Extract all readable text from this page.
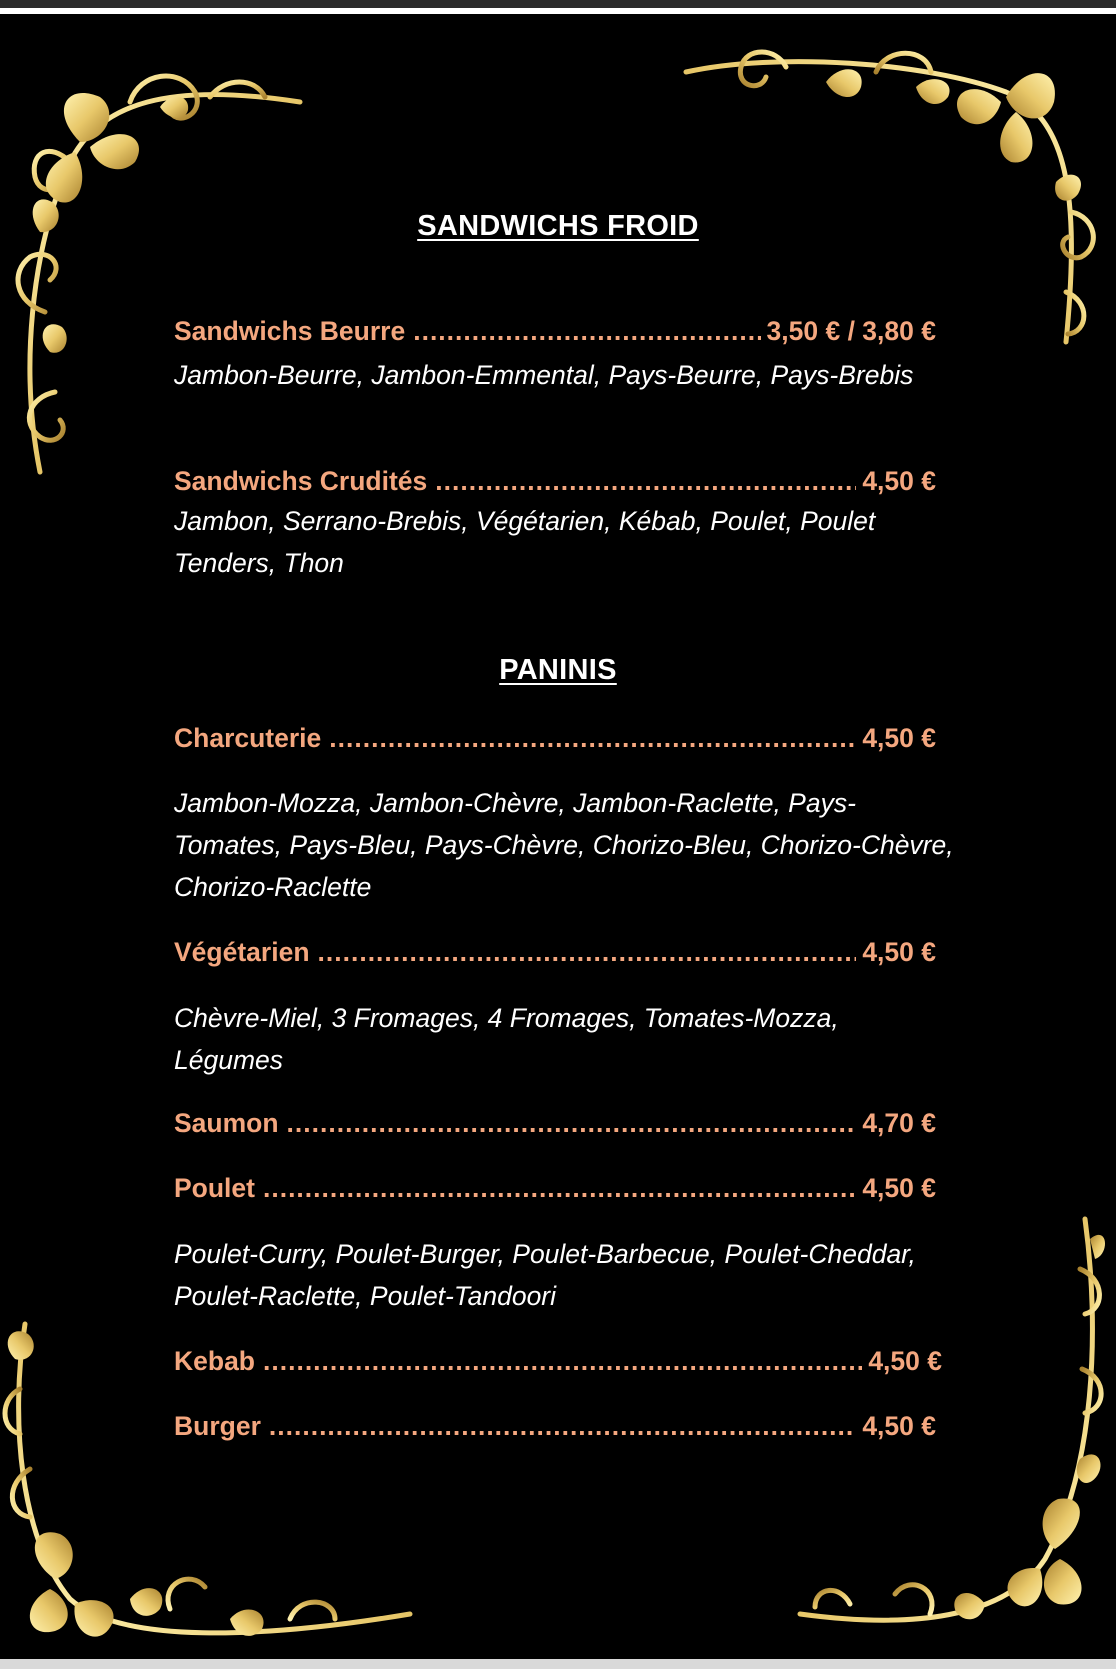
SANDWICHS FROID
Sandwichs Beurre .....	3,50 € / 3,80 €
Jambon-Beurre, Jambon-Emmental, Pays-Beurre, Pays-Brebis
Sandwichs Crudités .....	4,50 €
Jambon, Serrano-Brebis, Végétarien, Kébab, Poulet, Poulet Tenders, Thon
PANINIS
Charcuterie .....	4,50 €
Jambon-Mozza, Jambon-Chèvre, Jambon-Raclette, Pays-Tomates, Pays-Bleu, Pays-Chèvre, Chorizo-Bleu, Chorizo-Chèvre, Chorizo-Raclette
Végétarien .....	4,50 €
Chèvre-Miel, 3 Fromages, 4 Fromages, Tomates-Mozza, Légumes
Saumon .....	4,70 €
Poulet .....	4,50 €
Poulet-Curry, Poulet-Burger, Poulet-Barbecue, Poulet-Cheddar, Poulet-Raclette, Poulet-Tandoori
Kebab .....	4,50 €
Burger .....	4,50 €
